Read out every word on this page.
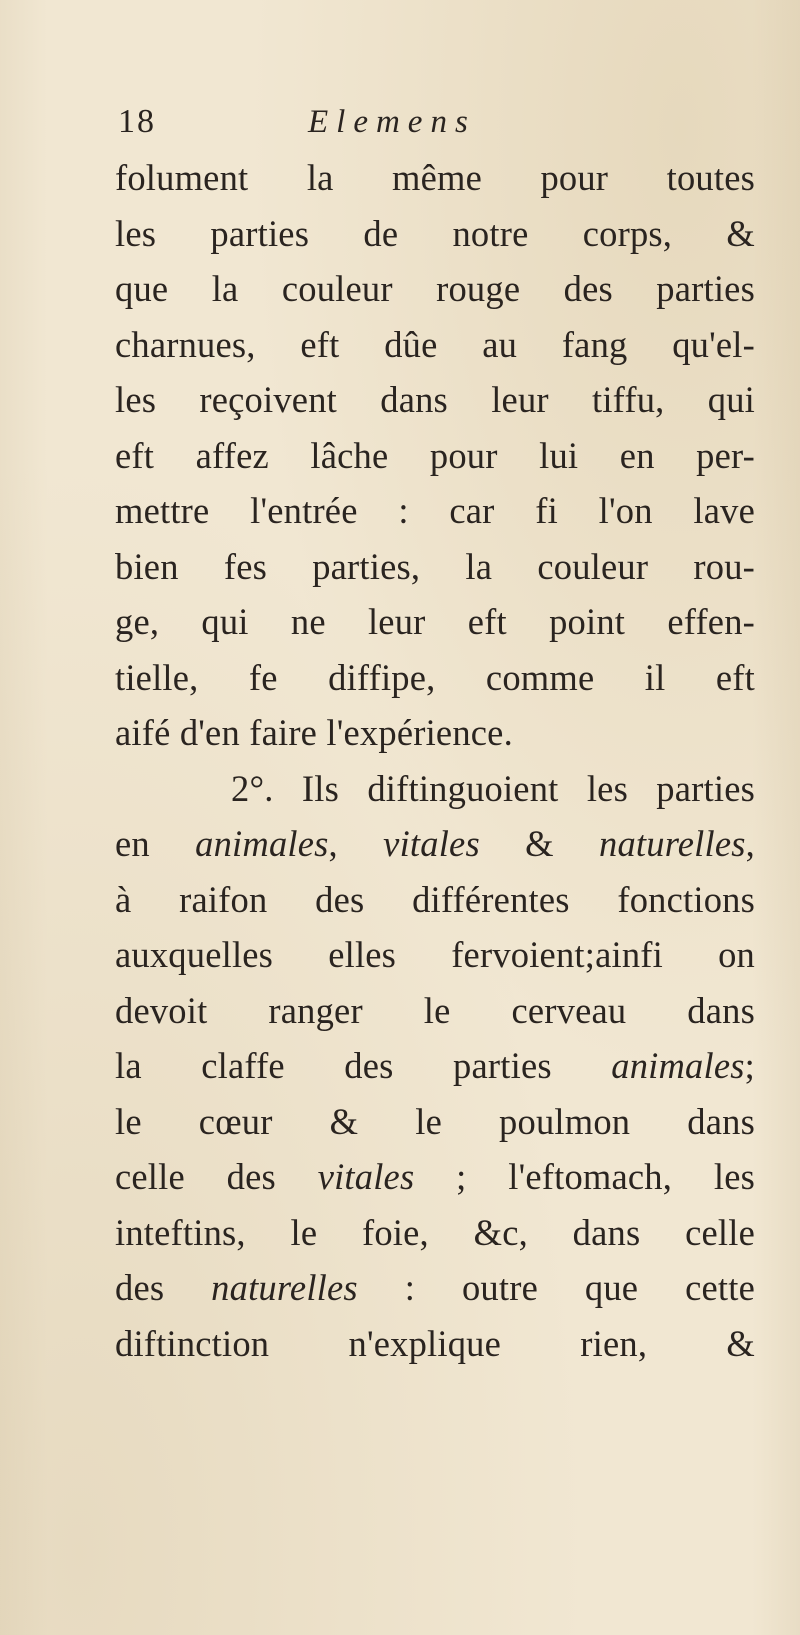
18	Elemens
folument la même pour toutes
les parties de notre corps, &
que la couleur rouge des parties
charnues, eft dûe au fang qu'el-
les reçoivent dans leur tiffu, qui
eft affez lâche pour lui en per-
mettre l'entrée : car fi l'on lave
bien fes parties, la couleur rou-
ge, qui ne leur eft point effen-
tielle, fe diffipe, comme il eft
aifé d'en faire l'expérience.
2°. Ils diftinguoient les parties
en animales, vitales & naturelles,
à raifon des différentes fonctions
auxquelles elles fervoient;ainfi on
devoit ranger le cerveau dans
la claffe des parties animales;
le cœur & le poulmon dans
celle des vitales ; l'eftomach, les
inteftins, le foie, &c, dans celle
des naturelles : outre que cette
diftinction n'explique rien, &
